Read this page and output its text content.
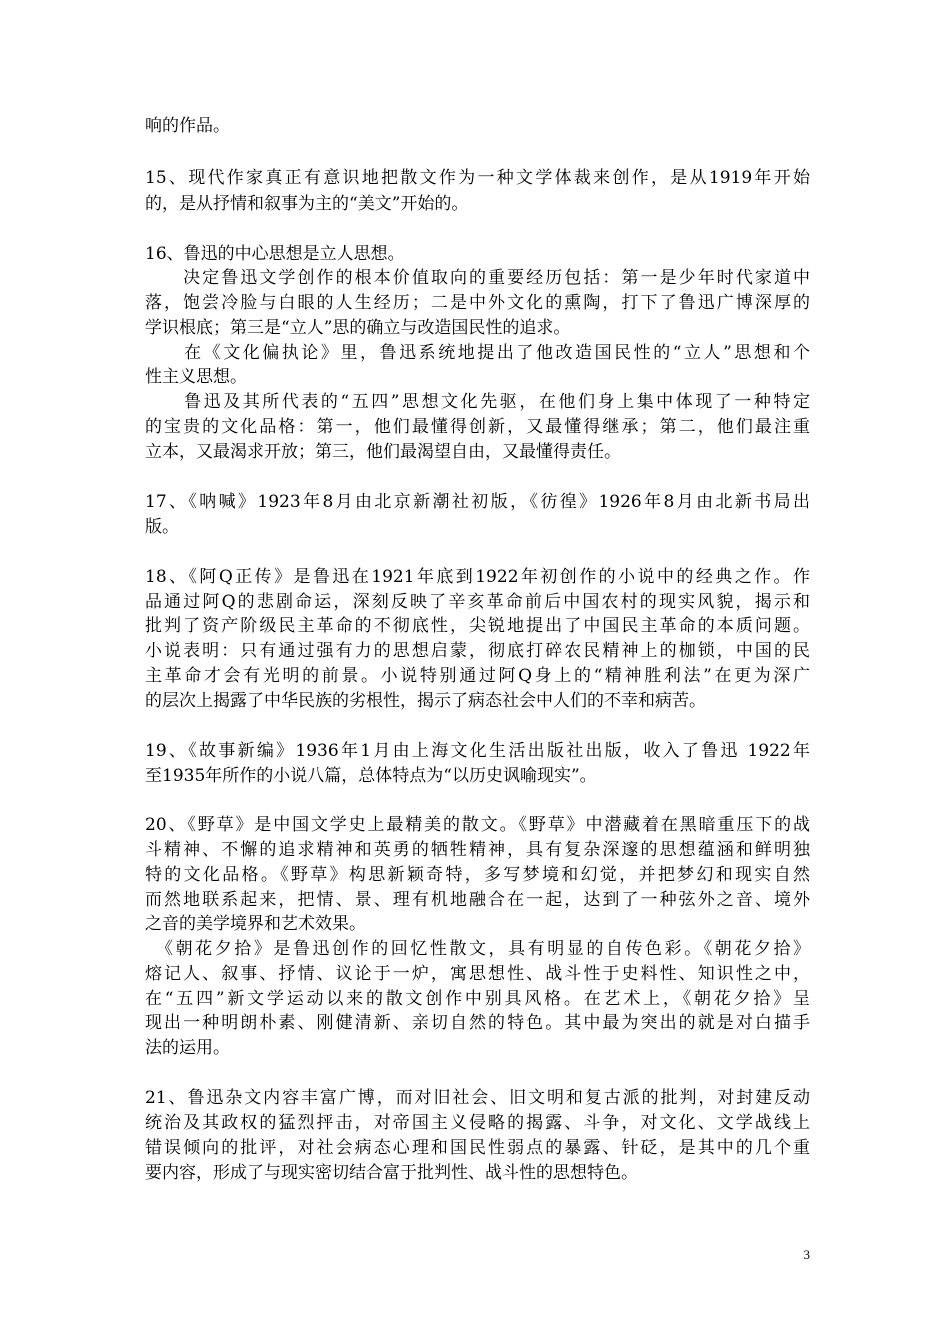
响的作品。
15、现代作家真正有意识地把散文作为一种文学体裁来创作，是从1919年开始
的，是从抒情和叙事为主的“美文”开始的。
16、鲁迅的中心思想是立人思想。
　　决定鲁迅文学创作的根本价值取向的重要经历包括：第一是少年时代家道中
落，饱尝冷脸与白眼的人生经历；二是中外文化的熏陶，打下了鲁迅广博深厚的
学识根底；第三是“立人”思的确立与改造国民性的追求。
　　在《文化偏执论》里，鲁迅系统地提出了他改造国民性的“立人”思想和个
性主义思想。
　　鲁迅及其所代表的“五四”思想文化先驱，在他们身上集中体现了一种特定
的宝贵的文化品格：第一，他们最懂得创新，又最懂得继承；第二，他们最注重
立本，又最渴求开放；第三，他们最渴望自由，又最懂得责任。
17、《呐喊》1923年8月由北京新潮社初版，《彷徨》1926年8月由北新书局出
版。
18、《阿Q正传》是鲁迅在1921年底到1922年初创作的小说中的经典之作。作
品通过阿Q的悲剧命运，深刻反映了辛亥革命前后中国农村的现实风貌，揭示和
批判了资产阶级民主革命的不彻底性，尖锐地提出了中国民主革命的本质问题。
小说表明：只有通过强有力的思想启蒙，彻底打碎农民精神上的枷锁，中国的民
主革命才会有光明的前景。小说特别通过阿Q身上的“精神胜利法”在更为深广
的层次上揭露了中华民族的劣根性，揭示了病态社会中人们的不幸和病苦。
19、《故事新编》1936年1月由上海文化生活出版社出版，收入了鲁迅 1922年
至1935年所作的小说八篇，总体特点为“以历史讽喻现实”。
20、《野草》是中国文学史上最精美的散文。《野草》中潜藏着在黑暗重压下的战
斗精神、不懈的追求精神和英勇的牺牲精神，具有复杂深邃的思想蕴涵和鲜明独
特的文化品格。《野草》构思新颖奇特，多写梦境和幻觉，并把梦幻和现实自然
而然地联系起来，把情、景、理有机地融合在一起，达到了一种弦外之音、境外
之音的美学境界和艺术效果。
　《朝花夕拾》是鲁迅创作的回忆性散文，具有明显的自传色彩。《朝花夕拾》
熔记人、叙事、抒情、议论于一炉，寓思想性、战斗性于史料性、知识性之中，
在“五四”新文学运动以来的散文创作中别具风格。在艺术上，《朝花夕拾》呈
现出一种明朗朴素、刚健清新、亲切自然的特色。其中最为突出的就是对白描手
法的运用。
21、鲁迅杂文内容丰富广博，而对旧社会、旧文明和复古派的批判，对封建反动
统治及其政权的猛烈抨击，对帝国主义侵略的揭露、斗争，对文化、文学战线上
错误倾向的批评，对社会病态心理和国民性弱点的暴露、针砭，是其中的几个重
要内容，形成了与现实密切结合富于批判性、战斗性的思想特色。
3
